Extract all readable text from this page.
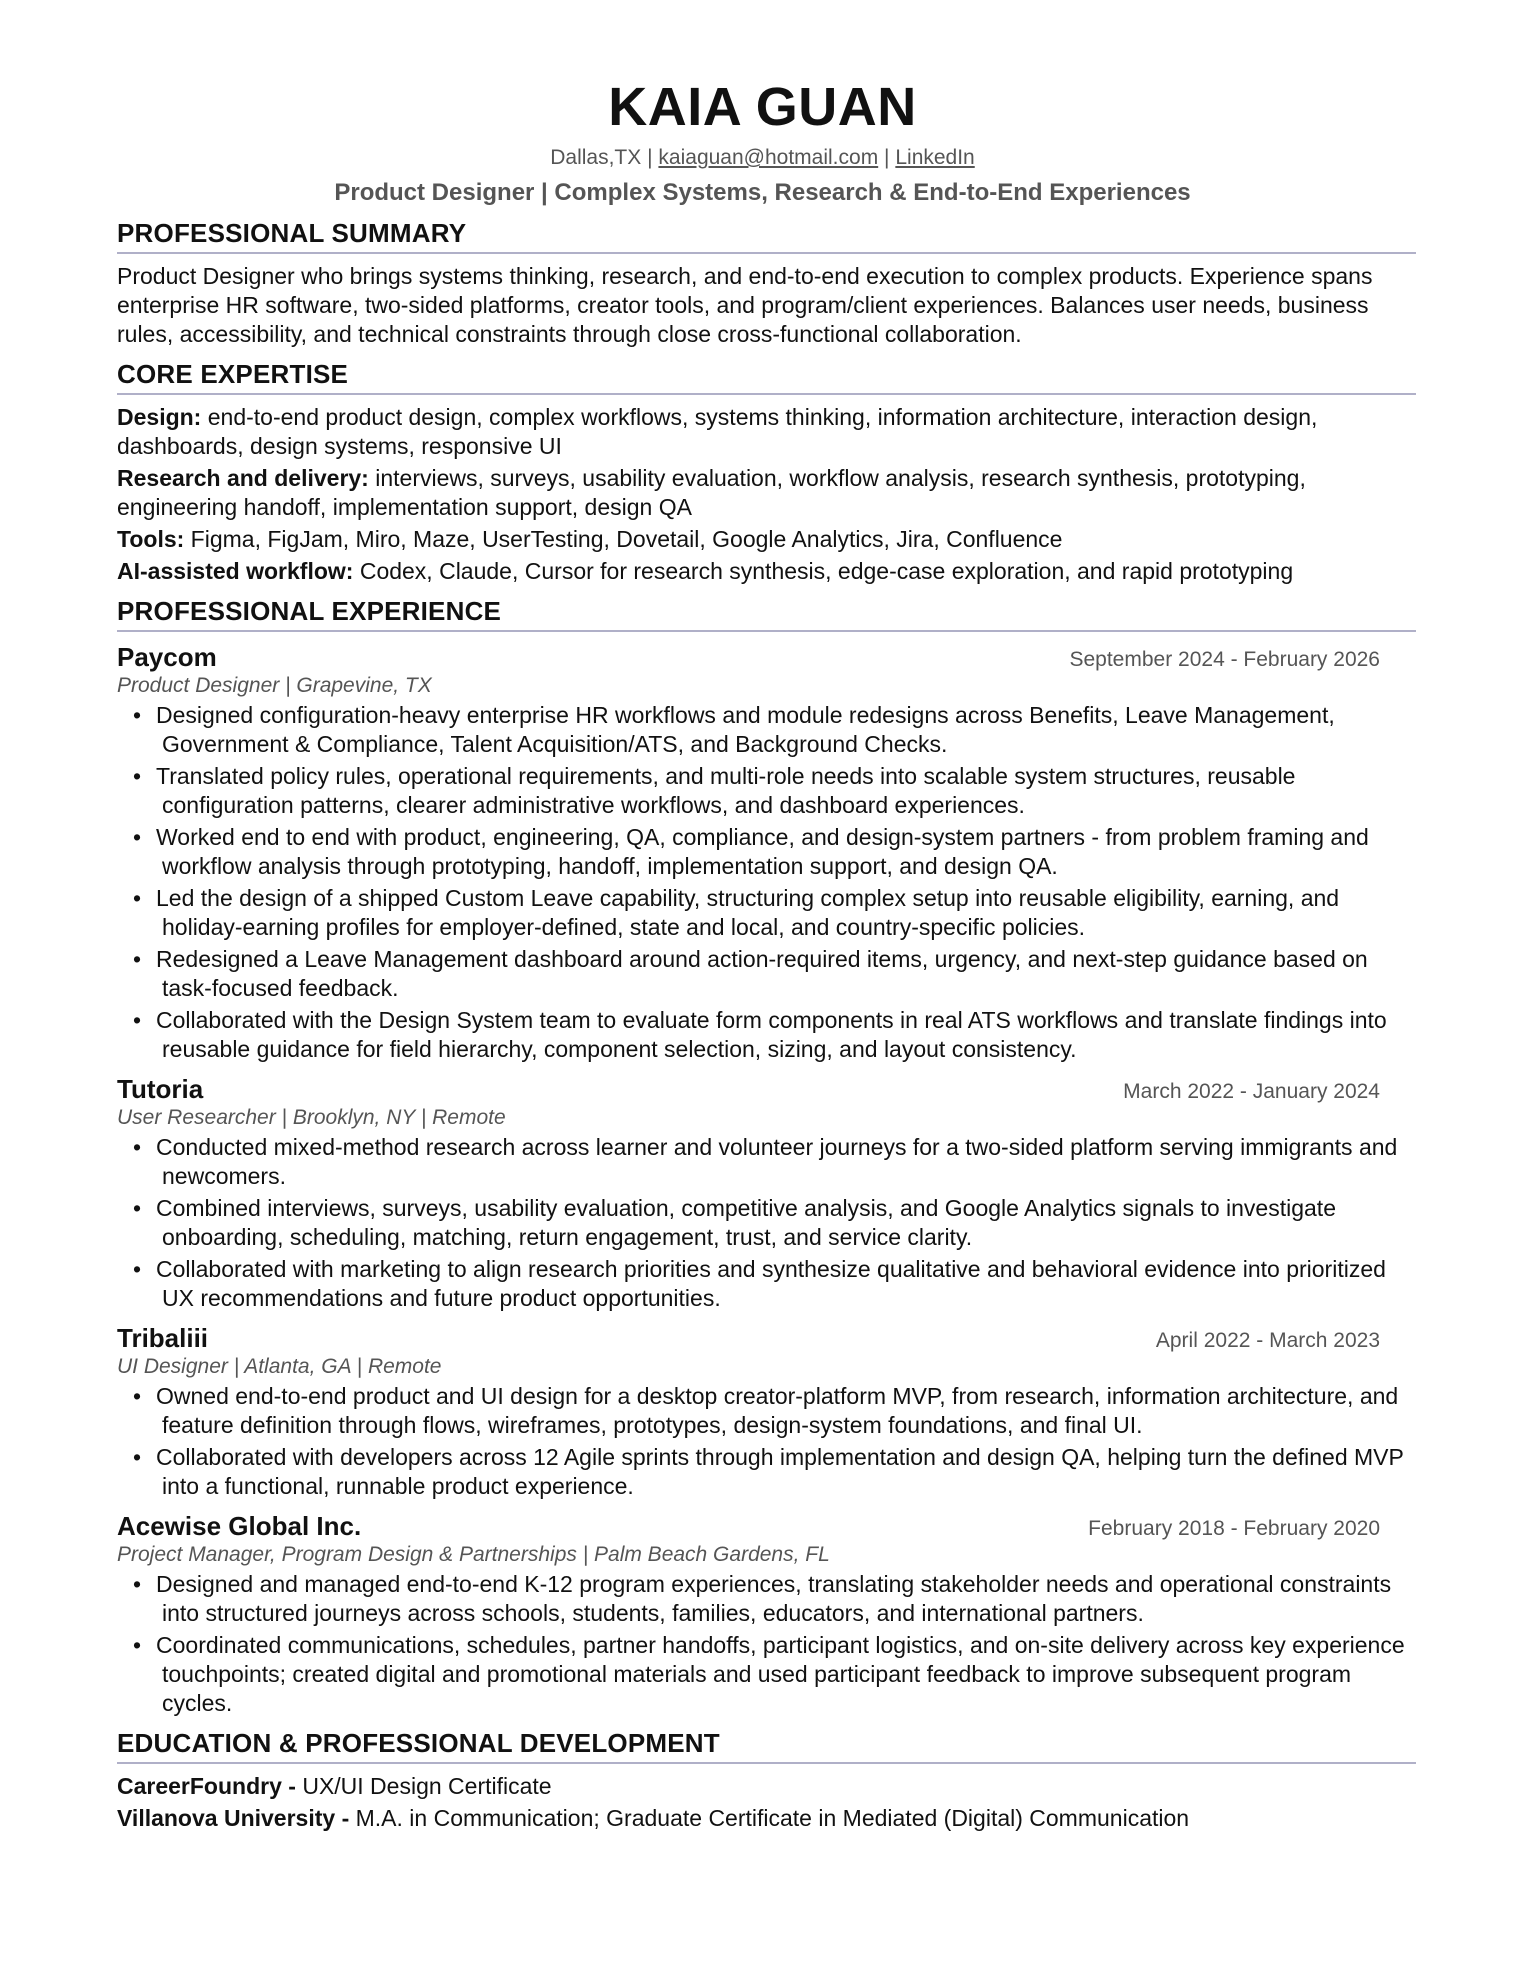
KAIA GUAN
Dallas,TX | kaiaguan@hotmail.com | LinkedIn
Product Designer | Complex Systems, Research & End-to-End Experiences
PROFESSIONAL SUMMARY
Product Designer who brings systems thinking, research, and end-to-end execution to complex products. Experience spans enterprise HR software, two-sided platforms, creator tools, and program/client experiences. Balances user needs, business rules, accessibility, and technical constraints through close cross-functional collaboration.
CORE EXPERTISE
Design: end-to-end product design, complex workflows, systems thinking, information architecture, interaction design, dashboards, design systems, responsive UI
Research and delivery: interviews, surveys, usability evaluation, workflow analysis, research synthesis, prototyping, engineering handoff, implementation support, design QA
Tools: Figma, FigJam, Miro, Maze, UserTesting, Dovetail, Google Analytics, Jira, Confluence
AI-assisted workflow: Codex, Claude, Cursor for research synthesis, edge-case exploration, and rapid prototyping
PROFESSIONAL EXPERIENCE
Paycom	September 2024 - February 2026
Product Designer | Grapevine, TX
• Designed configuration-heavy enterprise HR workflows and module redesigns across Benefits, Leave Management, Government & Compliance, Talent Acquisition/ATS, and Background Checks.
• Translated policy rules, operational requirements, and multi-role needs into scalable system structures, reusable configuration patterns, clearer administrative workflows, and dashboard experiences.
• Worked end to end with product, engineering, QA, compliance, and design-system partners - from problem framing and workflow analysis through prototyping, handoff, implementation support, and design QA.
• Led the design of a shipped Custom Leave capability, structuring complex setup into reusable eligibility, earning, and holiday-earning profiles for employer-defined, state and local, and country-specific policies.
• Redesigned a Leave Management dashboard around action-required items, urgency, and next-step guidance based on task-focused feedback.
• Collaborated with the Design System team to evaluate form components in real ATS workflows and translate findings into reusable guidance for field hierarchy, component selection, sizing, and layout consistency.
Tutoria	March 2022 - January 2024
User Researcher | Brooklyn, NY | Remote
• Conducted mixed-method research across learner and volunteer journeys for a two-sided platform serving immigrants and newcomers.
• Combined interviews, surveys, usability evaluation, competitive analysis, and Google Analytics signals to investigate onboarding, scheduling, matching, return engagement, trust, and service clarity.
• Collaborated with marketing to align research priorities and synthesize qualitative and behavioral evidence into prioritized UX recommendations and future product opportunities.
Tribaliii	April 2022 - March 2023
UI Designer | Atlanta, GA | Remote
• Owned end-to-end product and UI design for a desktop creator-platform MVP, from research, information architecture, and feature definition through flows, wireframes, prototypes, design-system foundations, and final UI.
• Collaborated with developers across 12 Agile sprints through implementation and design QA, helping turn the defined MVP into a functional, runnable product experience.
Acewise Global Inc.	February 2018 - February 2020
Project Manager, Program Design & Partnerships | Palm Beach Gardens, FL
• Designed and managed end-to-end K-12 program experiences, translating stakeholder needs and operational constraints into structured journeys across schools, students, families, educators, and international partners.
• Coordinated communications, schedules, partner handoffs, participant logistics, and on-site delivery across key experience touchpoints; created digital and promotional materials and used participant feedback to improve subsequent program cycles.
EDUCATION & PROFESSIONAL DEVELOPMENT
CareerFoundry - UX/UI Design Certificate
Villanova University - M.A. in Communication; Graduate Certificate in Mediated (Digital) Communication
